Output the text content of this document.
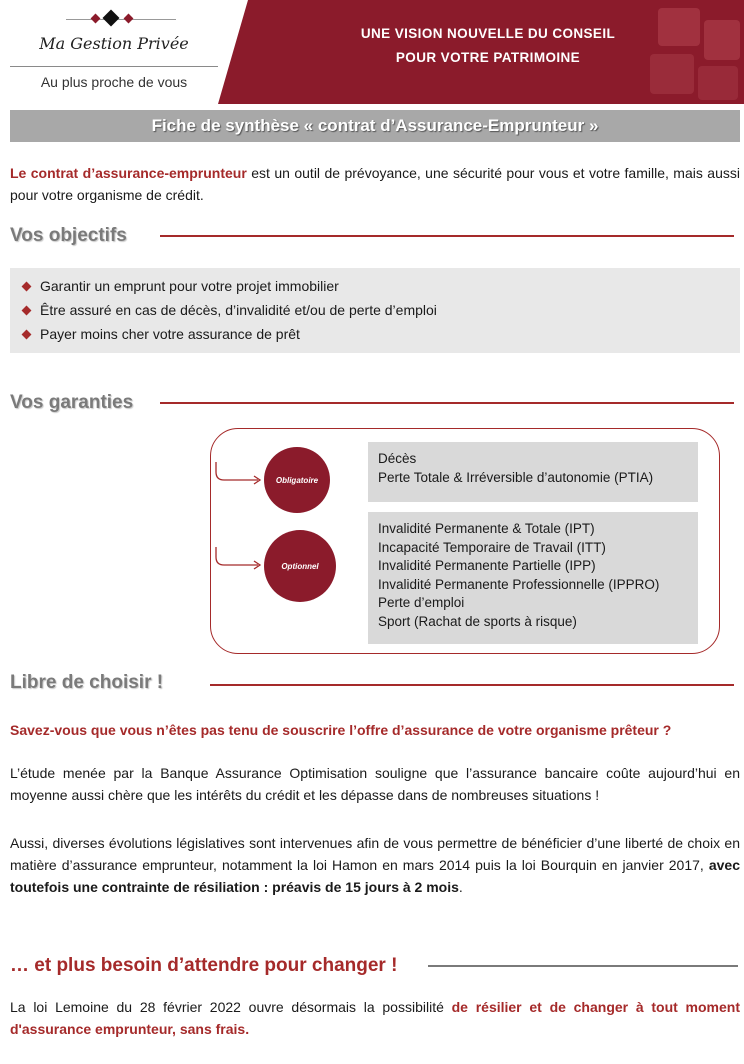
Ma Gestion Privée
Au plus proche de vous
UNE VISION NOUVELLE DU CONSEIL
POUR VOTRE PATRIMOINE
Fiche de synthèse « contrat d’Assurance-Emprunteur »
Le contrat d’assurance-emprunteur est un outil de prévoyance, une sécurité pour vous et votre famille, mais aussi pour votre organisme de crédit.
Vos objectifs
Garantir un emprunt pour votre projet immobilier
Être assuré en cas de décès, d’invalidité et/ou de perte d’emploi
Payer moins cher votre assurance de prêt
Vos garanties
Obligatoire
Optionnel
Décès
Perte Totale & Irréversible d’autonomie (PTIA)
Invalidité Permanente & Totale (IPT)
Incapacité Temporaire de Travail (ITT)
Invalidité Permanente Partielle (IPP)
Invalidité Permanente Professionnelle (IPPRO)
Perte d’emploi
Sport (Rachat de sports à risque)
Libre de choisir !
Savez-vous que vous n’êtes pas tenu de souscrire l’offre d’assurance de votre organisme prêteur ?
L’étude menée par la Banque Assurance Optimisation souligne que l’assurance bancaire coûte aujourd’hui en moyenne aussi chère que les intérêts du crédit et les dépasse dans de nombreuses situations !
Aussi, diverses évolutions législatives sont intervenues afin de vous permettre de bénéficier d’une liberté de choix en matière d’assurance emprunteur, notamment la loi Hamon en mars 2014 puis la loi Bourquin en janvier 2017, avec toutefois une contrainte de résiliation : préavis de 15 jours à 2 mois.
… et plus besoin d’attendre pour changer !
La loi Lemoine du 28 février 2022 ouvre désormais la possibilité de résilier et de changer à tout moment d'assurance emprunteur, sans frais.
